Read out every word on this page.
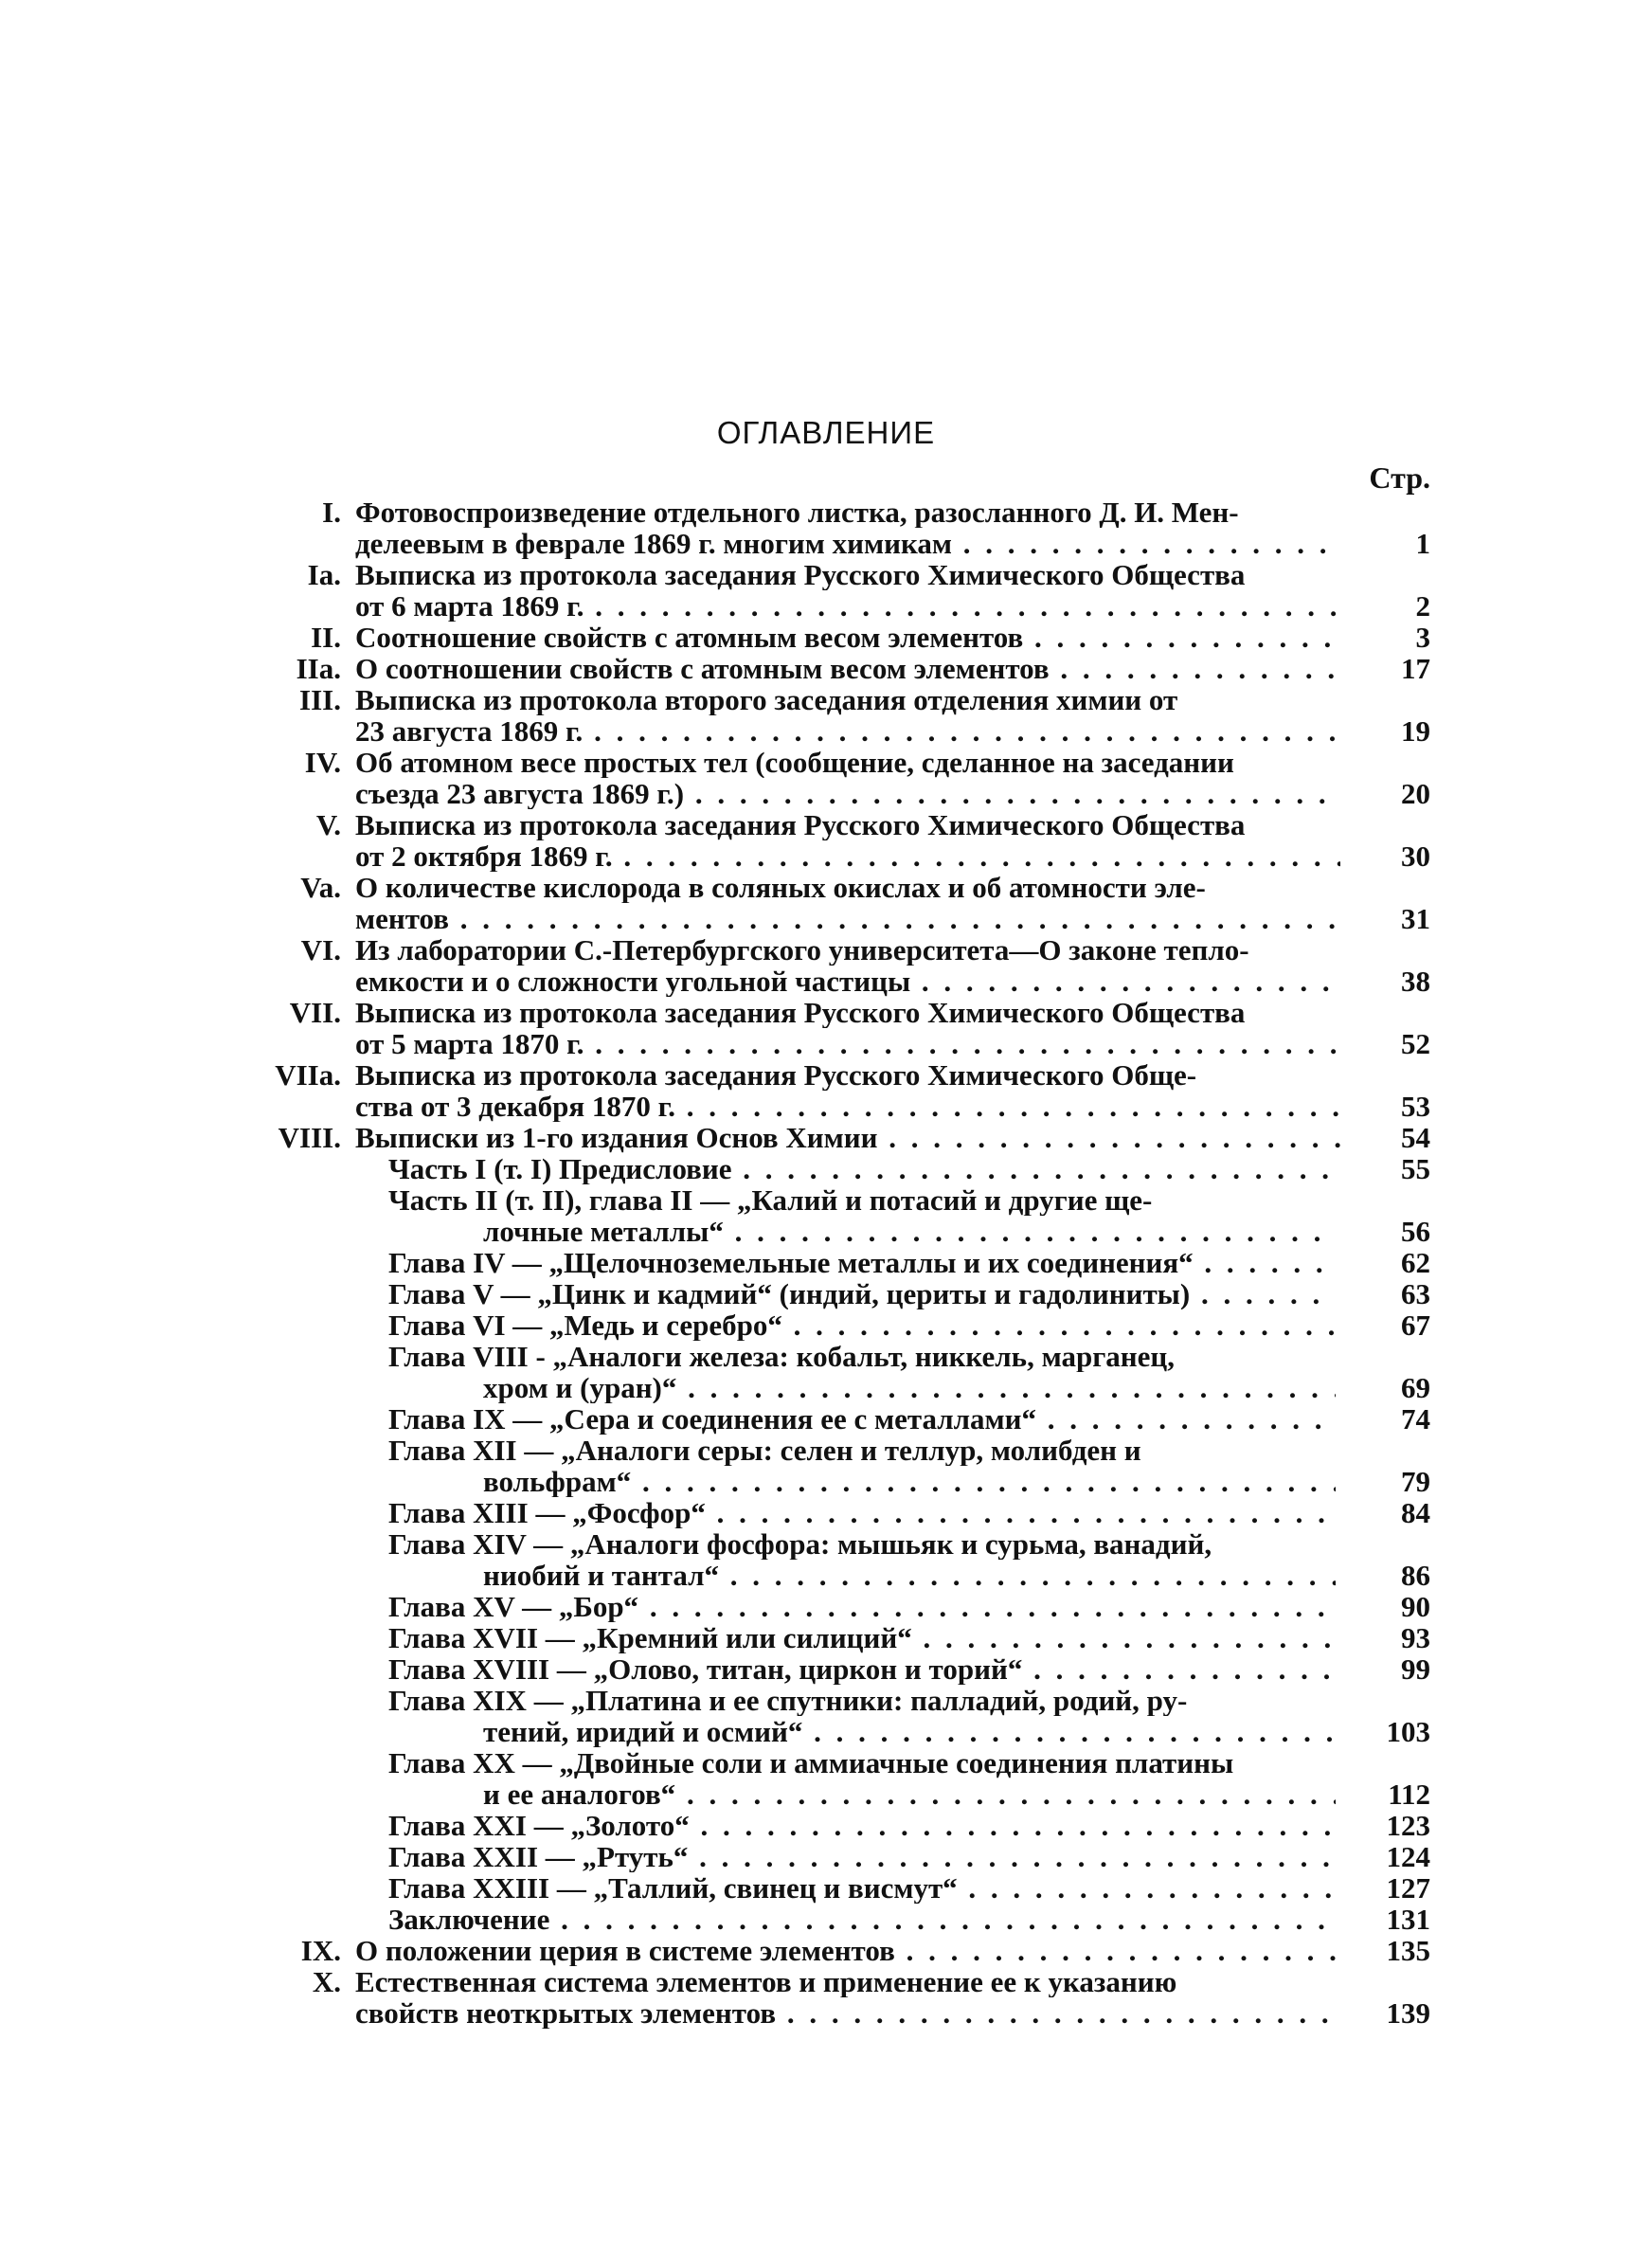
ОГЛАВЛЕНИЕ
Стр.
I. Фотовоспроизведение отдельного листка, разосланного Д. И. Мен-
делеевым в феврале 1869 г. многим химикам . . .	1
Ia. Выписка из протокола заседания Русского Химического Общества
от 6 марта 1869 г. . . .	2
II. Соотношение свойств с атомным весом элементов . . .	3
IIa. О соотношении свойств с атомным весом элементов . . .	17
III. Выписка из протокола второго заседания отделения химии от
23 августа 1869 г. . . .	19
IV. Об атомном весе простых тел (сообщение, сделанное на заседании
съезда 23 августа 1869 г.) . . .	20
V. Выписка из протокола заседания Русского Химического Общества
от 2 октября 1869 г. . . .	30
Va. О количестве кислорода в соляных окислах и об атомности эле-
ментов . . .	31
VI. Из лаборатории С.-Петербургского университета—О законе тепло-
емкости и о сложности угольной частицы . . .	38
VII. Выписка из протокола заседания Русского Химического Общества
от 5 марта 1870 г. . . .	52
VIIa. Выписка из протокола заседания Русского Химического Обще-
ства от 3 декабря 1870 г. . . .	53
VIII. Выписки из 1-го издания Основ Химии . . .	54
Часть I (т. I) Предисловие . . .	55
Часть II (т. II), глава II — „Калий и потасий и другие ще-
лочные металлы“ . . .	56
Глава IV — „Щелочноземельные металлы и их соединения“ . . .	62
Глава V — „Цинк и кадмий“ (индий, цериты и гадолиниты) . . .	63
Глава VI — „Медь и серебро“ . . .	67
Глава VIII - „Аналоги железа: кобальт, никкель, марганец,
хром и (уран)“ . . .	69
Глава IX — „Сера и соединения ее с металлами“ . . .	74
Глава XII — „Аналоги серы: селен и теллур, молибден и
вольфрам“ . . .	79
Глава XIII — „Фосфор“ . . .	84
Глава XIV — „Аналоги фосфора: мышьяк и сурьма, ванадий,
ниобий и тантал“ . . .	86
Глава XV — „Бор“ . . .	90
Глава XVII — „Кремний или силиций“ . . .	93
Глава XVIII — „Олово, титан, циркон и торий“ . . .	99
Глава XIX — „Платина и ее спутники: палладий, родий, ру-
тений, иридий и осмий“ . . .	103
Глава XX — „Двойные соли и аммиачные соединения платины
и ее аналогов“ . . .	112
Глава XXI — „Золото“ . . .	123
Глава XXII — „Ртуть“ . . .	124
Глава XXIII — „Таллий, свинец и висмут“ . . .	127
Заключение . . .	131
IX. О положении церия в системе элементов . . .	135
X. Естественная система элементов и применение ее к указанию
свойств неоткрытых элементов . . .	139
